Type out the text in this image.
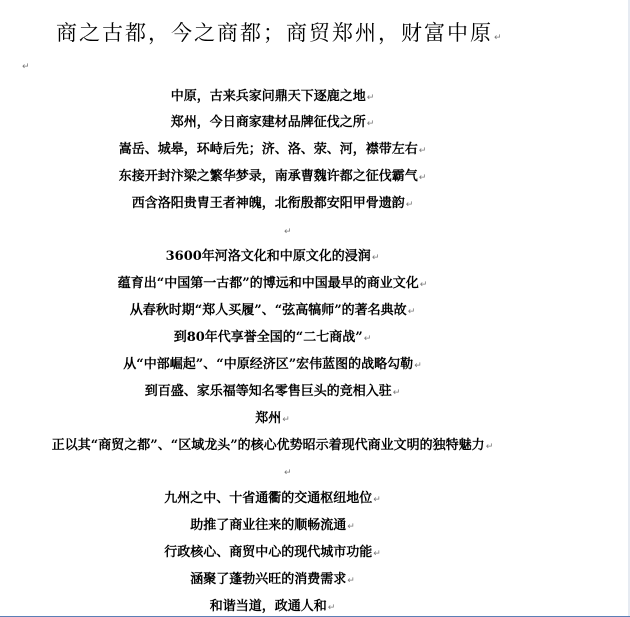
商之古都，今之商都；商贸郑州，财富中原↵
↵
中原，古来兵家问鼎天下逐鹿之地↵
郑州，今日商家建材品牌征伐之所↵
嵩岳、城皋，环峙后先；济、洛、荥、河，襟带左右↵
东接开封汴梁之繁华梦录，南承曹魏许都之征伐霸气↵
西含洛阳贵胄王者神魄，北衔殷都安阳甲骨遗韵↵
↵
3600年河洛文化和中原文化的浸润↵
蕴育出“中国第一古都”的博远和中国最早的商业文化↵
从春秋时期“郑人买履”、“弦高犒师”的著名典故↵
到80年代享誉全国的“二七商战”↵
从“中部崛起”、“中原经济区”宏伟蓝图的战略勾勒↵
到百盛、家乐福等知名零售巨头的竞相入驻↵
郑州↵
正以其“商贸之都”、“区域龙头”的核心优势昭示着现代商业文明的独特魅力↵
↵
九州之中、十省通衢的交通枢纽地位↵
助推了商业往来的顺畅流通↵
行政核心、商贸中心的现代城市功能↵
涵聚了蓬勃兴旺的消费需求↵
和谐当道，政通人和↵
